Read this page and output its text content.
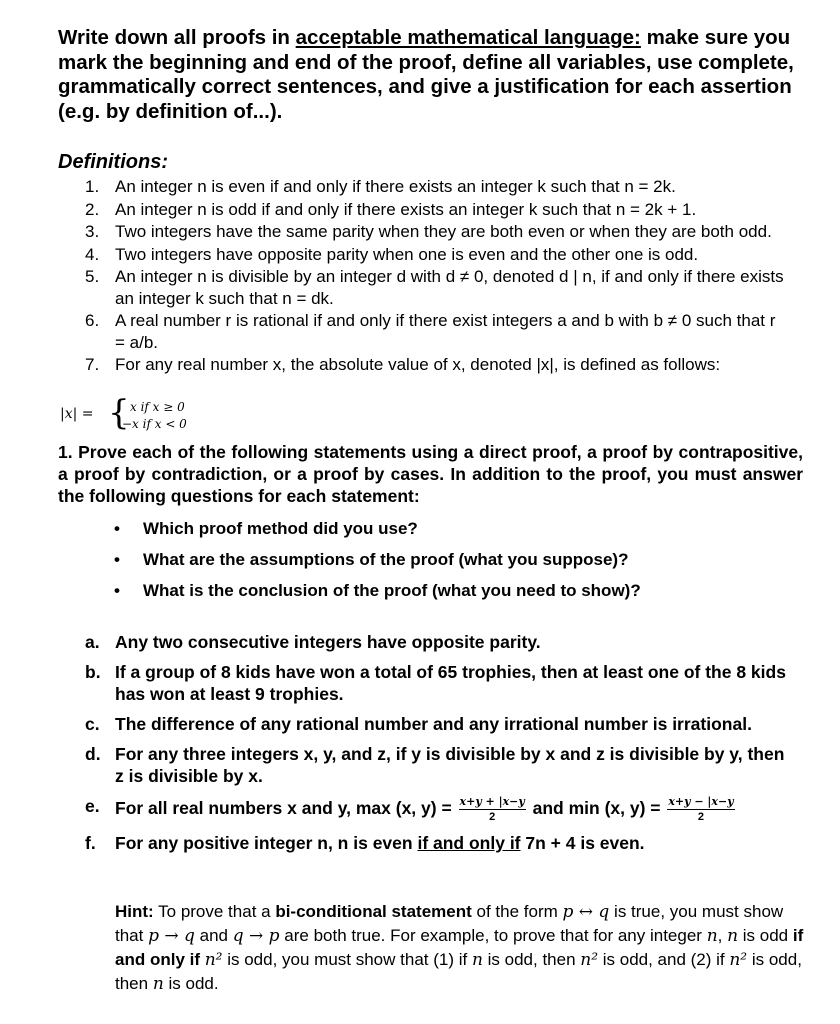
Write down all proofs in acceptable mathematical language: make sure you mark the beginning and end of the proof, define all variables, use complete, grammatically correct sentences, and give a justification for each assertion (e.g. by definition of...).

Definitions:

1. An integer n is even if and only if there exists an integer k such that n = 2k.
2. An integer n is odd if and only if there exists an integer k such that n = 2k + 1.
3. Two integers have the same parity when they are both even or when they are both odd.
4. Two integers have opposite parity when one is even and the other one is odd.
5. An integer n is divisible by an integer d with d ≠ 0, denoted d | n, if and only if there exists an integer k such that n = dk.
6. A real number r is rational if and only if there exist integers a and b with b ≠ 0 such that r = a/b.
7. For any real number x, the absolute value of x, denoted |x|, is defined as follows:
|x| = { x if x ≥ 0
−x if x < 0

1. Prove each of the following statements using a direct proof, a proof by contrapositive, a proof by contradiction, or a proof by cases. In addition to the proof, you must answer the following questions for each statement:

• Which proof method did you use?
• What are the assumptions of the proof (what you suppose)?
• What is the conclusion of the proof (what you need to show)?
a. Any two consecutive integers have opposite parity.
b. If a group of 8 kids have won a total of 65 trophies, then at least one of the 8 kids has won at least 9 trophies.
c. The difference of any rational number and any irrational number is irrational.
d. For any three integers x, y, and z, if y is divisible by x and z is divisible by y, then z is divisible by x.
e. For all real numbers x and y, max (x, $y) = \frac{x+y + |x-y}{2}$ and min (x, $y) = \frac{x+y - |x-y}{2}$
f. For any positive integer n, n is even if and only if 7n + 4 is even.

Hint: To prove that a bi-conditional statement of the form p ↔ q is true, you must show that p → q and q → p are both true. For example, to prove that for any integer n, n is odd if and only if n² is odd, you must show that (1) if n is odd, then n² is odd, and (2) if n² is odd, then n is odd.
